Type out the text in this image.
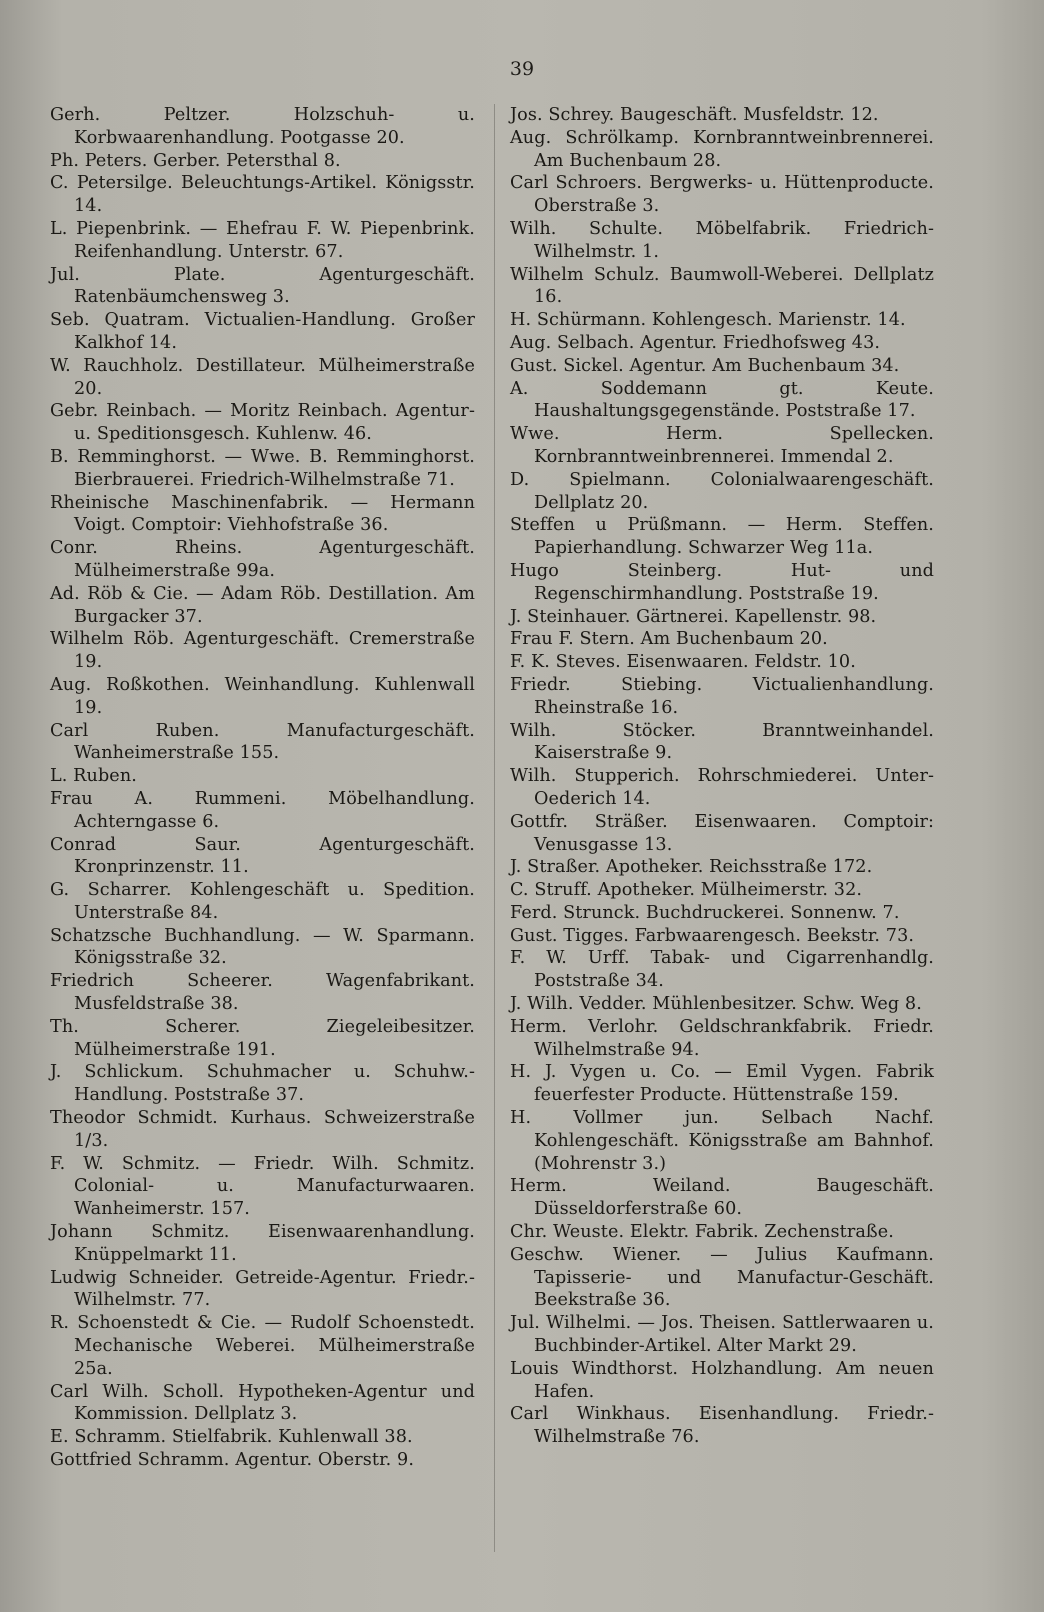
39

Gerh. Peltzer. Holzschuh- u. Korbwaarenhandlung. Pootgasse 20.

Ph. Peters. Gerber. Petersthal 8.

C. Petersilge. Beleuchtungs-Artikel. Königsstr. 14.

L. Piepenbrink. — Ehefrau F. W. Piepenbrink. Reifenhandlung. Unterstr. 67.

Jul. Plate. Agenturgeschäft. Ratenbäumchensweg 3.

Seb. Quatram. Victualien-Handlung. Großer Kalkhof 14.

W. Rauchholz. Destillateur. Mülheimerstraße 20.

Gebr. Reinbach. — Moritz Reinbach. Agentur- u. Speditionsgesch. Kuhlenw. 46.

B. Remminghorst. — Wwe. B. Remminghorst. Bierbrauerei. Friedrich-Wilhelmstraße 71.

Rheinische Maschinenfabrik. — Hermann Voigt. Comptoir: Viehhofstraße 36.

Conr. Rheins. Agenturgeschäft. Mülheimerstraße 99a.

Ad. Röb & Cie. — Adam Röb. Destillation. Am Burgacker 37.

Wilhelm Röb. Agenturgeschäft. Cremerstraße 19.

Aug. Roßkothen. Weinhandlung. Kuhlenwall 19.

Carl Ruben. Manufacturgeschäft. Wanheimerstraße 155.

L. Ruben.

Frau A. Rummeni. Möbelhandlung. Achterngasse 6.

Conrad Saur. Agenturgeschäft. Kronprinzenstr. 11.

G. Scharrer. Kohlengeschäft u. Spedition. Unterstraße 84.

Schatzsche Buchhandlung. — W. Sparmann. Königsstraße 32.

Friedrich Scheerer. Wagenfabrikant. Musfeldstraße 38.

Th. Scherer. Ziegeleibesitzer. Mülheimerstraße 191.

J. Schlickum. Schuhmacher u. Schuhw.-Handlung. Poststraße 37.

Theodor Schmidt. Kurhaus. Schweizerstraße 1/3.

F. W. Schmitz. — Friedr. Wilh. Schmitz. Colonial- u. Manufacturwaaren. Wanheimerstr. 157.

Johann Schmitz. Eisenwaarenhandlung. Knüppelmarkt 11.

Ludwig Schneider. Getreide-Agentur. Friedr.-Wilhelmstr. 77.

R. Schoenstedt & Cie. — Rudolf Schoenstedt. Mechanische Weberei. Mülheimerstraße 25a.

Carl Wilh. Scholl. Hypotheken-Agentur und Kommission. Dellplatz 3.

E. Schramm. Stielfabrik. Kuhlenwall 38.

Gottfried Schramm. Agentur. Oberstr. 9.

Jos. Schrey. Baugeschäft. Musfeldstr. 12.

Aug. Schrölkamp. Kornbranntweinbrennerei. Am Buchenbaum 28.

Carl Schroers. Bergwerks- u. Hüttenproducte. Oberstraße 3.

Wilh. Schulte. Möbelfabrik. Friedrich-Wilhelmstr. 1.

Wilhelm Schulz. Baumwoll-Weberei. Dellplatz 16.

H. Schürmann. Kohlengesch. Marienstr. 14.

Aug. Selbach. Agentur. Friedhofsweg 43.

Gust. Sickel. Agentur. Am Buchenbaum 34.

A. Soddemann gt. Keute. Haushaltungsgegenstände. Poststraße 17.

Wwe. Herm. Spellecken. Kornbranntweinbrennerei. Immendal 2.

D. Spielmann. Colonialwaarengeschäft. Dellplatz 20.

Steffen u Prüßmann. — Herm. Steffen. Papierhandlung. Schwarzer Weg 11a.

Hugo Steinberg. Hut- und Regenschirmhandlung. Poststraße 19.

J. Steinhauer. Gärtnerei. Kapellenstr. 98.

Frau F. Stern. Am Buchenbaum 20.

F. K. Steves. Eisenwaaren. Feldstr. 10.

Friedr. Stiebing. Victualienhandlung. Rheinstraße 16.

Wilh. Stöcker. Branntweinhandel. Kaiserstraße 9.

Wilh. Stupperich. Rohrschmiederei. Unter-Oederich 14.

Gottfr. Sträßer. Eisenwaaren. Comptoir: Venusgasse 13.

J. Straßer. Apotheker. Reichsstraße 172.

C. Struff. Apotheker. Mülheimerstr. 32.

Ferd. Strunck. Buchdruckerei. Sonnenw. 7.

Gust. Tigges. Farbwaarengesch. Beekstr. 73.

F. W. Urff. Tabak- und Cigarrenhandlg. Poststraße 34.

J. Wilh. Vedder. Mühlenbesitzer. Schw. Weg 8.

Herm. Verlohr. Geldschrankfabrik. Friedr. Wilhelmstraße 94.

H. J. Vygen u. Co. — Emil Vygen. Fabrik feuerfester Producte. Hüttenstraße 159.

H. Vollmer jun. Selbach Nachf. Kohlengeschäft. Königsstraße am Bahnhof. (Mohrenstr 3.)

Herm. Weiland. Baugeschäft. Düsseldorferstraße 60.

Chr. Weuste. Elektr. Fabrik. Zechenstraße.

Geschw. Wiener. — Julius Kaufmann. Tapisserie- und Manufactur-Geschäft. Beekstraße 36.

Jul. Wilhelmi. — Jos. Theisen. Sattlerwaaren u. Buchbinder-Artikel. Alter Markt 29.

Louis Windthorst. Holzhandlung. Am neuen Hafen.

Carl Winkhaus. Eisenhandlung. Friedr.-Wilhelmstraße 76.
